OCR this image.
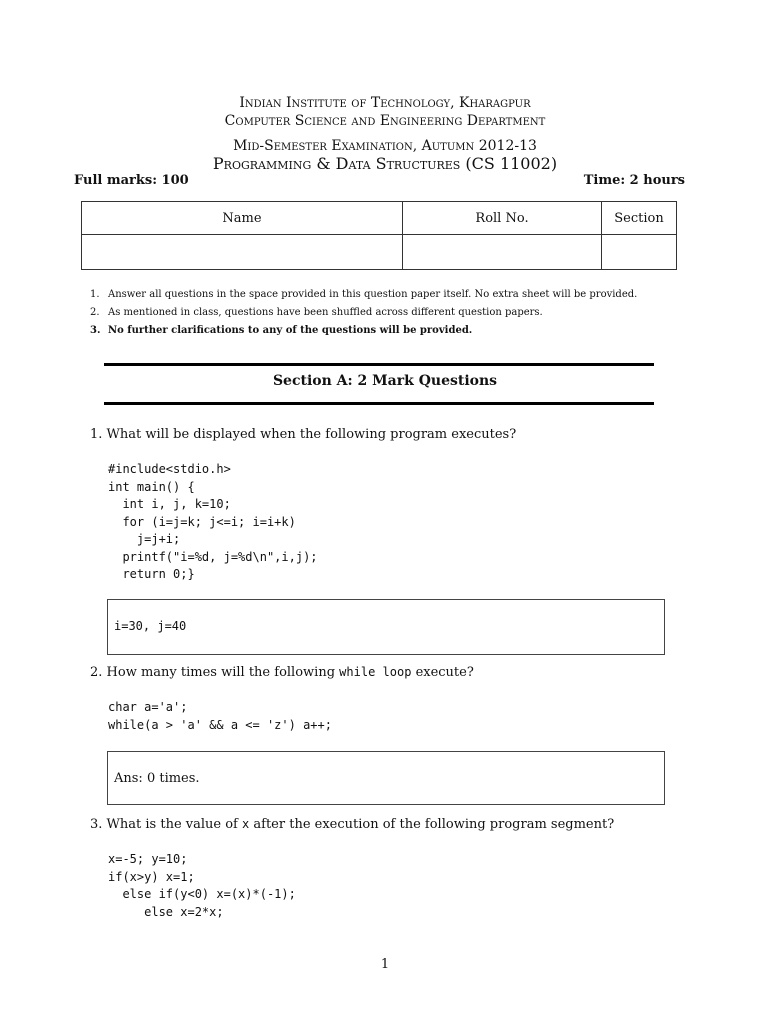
Indian Institute of Technology, Kharagpur
Computer Science and Engineering Department
Mid-Semester Examination, Autumn 2012-13
Programming & Data Structures (CS 11002)
Full marks: 100	Time: 2 hours
Name	Roll No.	Section

1. Answer all questions in the space provided in this question paper itself. No extra sheet will be provided.
2. As mentioned in class, questions have been shuffled across different question papers.
3. No further clarifications to any of the questions will be provided.
Section A: 2 Mark Questions
1. What will be displayed when the following program executes?
#include<stdio.h>
int main() {
int i, j, k=10;
for (i=j=k; j<=i; i=i+k)
j=j+i;
printf("i=%d, j=%d\n",i,j);
return 0;}
i=30, j=40
2. How many times will the following while loop execute?
char a='a';
while(a > 'a' && a <= 'z') a++;
Ans: 0 times.
3. What is the value of x after the execution of the following program segment?
x=-5; y=10;
if(x>y) x=1;
else if(y<0) x=(x)*(-1);
else x=2*x;
1
